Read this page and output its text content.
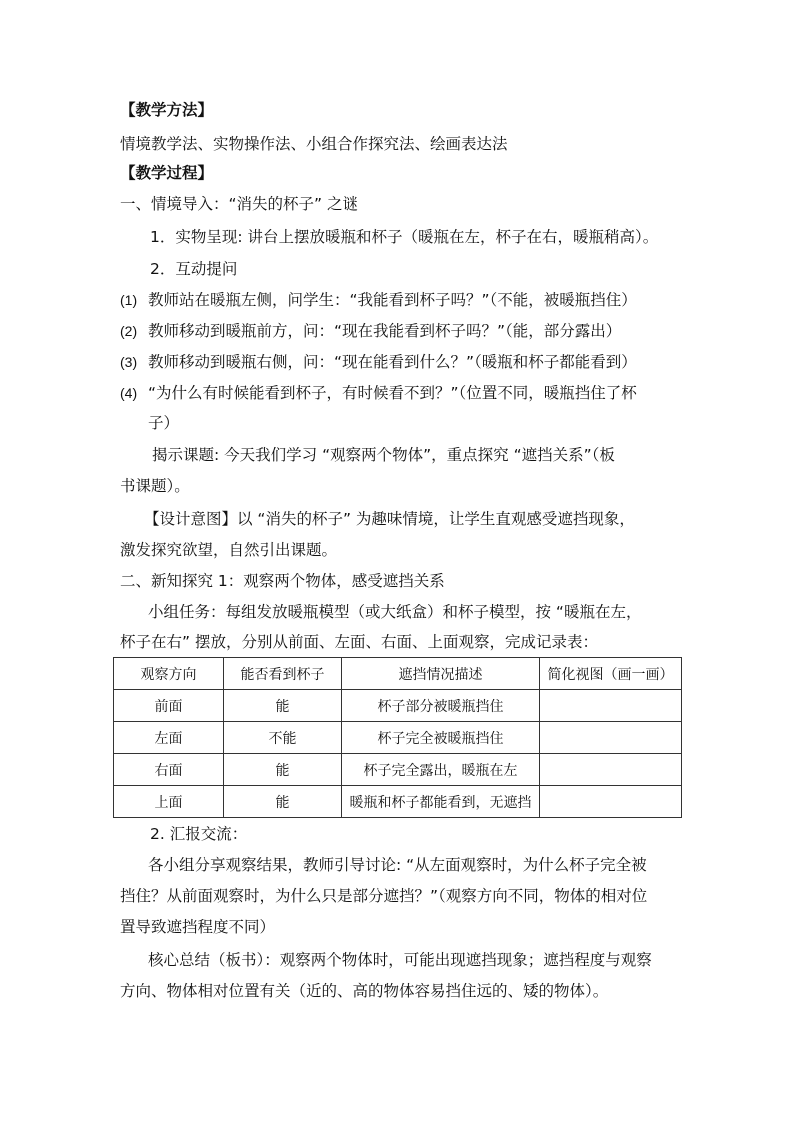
【教学方法】
情境教学法、实物操作法、小组合作探究法、绘画表达法
【教学过程】
一、情境导入：“消失的杯子” 之谜
1．实物呈现: 讲台上摆放暖瓶和杯子（暖瓶在左，杯子在右，暖瓶稍高）。
2．互动提问
(1) 教师站在暖瓶左侧，问学生：“我能看到杯子吗？”（不能，被暖瓶挡住）
(2) 教师移动到暖瓶前方，问：“现在我能看到杯子吗？”（能，部分露出）
(3) 教师移动到暖瓶右侧，问：“现在能看到什么？”（暖瓶和杯子都能看到）
(4) “为什么有时候能看到杯子，有时候看不到？”（位置不同，暖瓶挡住了杯
子）
揭示课题: 今天我们学习 “观察两个物体”，重点探究 “遮挡关系”（板
书课题）。
【设计意图】以 “消失的杯子” 为趣味情境，让学生直观感受遮挡现象，
激发探究欲望，自然引出课题。
二、新知探究 1：观察两个物体，感受遮挡关系
小组任务：每组发放暖瓶模型（或大纸盒）和杯子模型，按 “暖瓶在左，
杯子在右” 摆放，分别从前面、左面、右面、上面观察，完成记录表：
观察方向	能否看到杯子	遮挡情况描述	简化视图（画一画）
前面	能	杯子部分被暖瓶挡住	
左面	不能	杯子完全被暖瓶挡住	
右面	能	杯子完全露出，暖瓶在左	
上面	能	暖瓶和杯子都能看到，无遮挡	
2. 汇报交流：
各小组分享观察结果，教师引导讨论: “从左面观察时，为什么杯子完全被
挡住？从前面观察时，为什么只是部分遮挡？”（观察方向不同，物体的相对位
置导致遮挡程度不同）
核心总结（板书）：观察两个物体时，可能出现遮挡现象；遮挡程度与观察
方向、物体相对位置有关（近的、高的物体容易挡住远的、矮的物体）。
